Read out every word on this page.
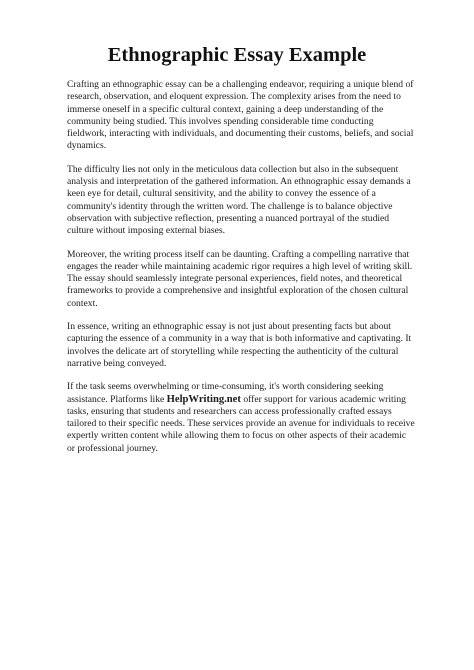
Ethnographic Essay Example

Crafting an ethnographic essay can be a challenging endeavor, requiring a unique blend of research, observation, and eloquent expression. The complexity arises from the need to immerse oneself in a specific cultural context, gaining a deep understanding of the community being studied. This involves spending considerable time conducting fieldwork, interacting with individuals, and documenting their customs, beliefs, and social dynamics.

The difficulty lies not only in the meticulous data collection but also in the subsequent analysis and interpretation of the gathered information. An ethnographic essay demands a keen eye for detail, cultural sensitivity, and the ability to convey the essence of a community's identity through the written word. The challenge is to balance objective observation with subjective reflection, presenting a nuanced portrayal of the studied culture without imposing external biases.

Moreover, the writing process itself can be daunting. Crafting a compelling narrative that engages the reader while maintaining academic rigor requires a high level of writing skill. The essay should seamlessly integrate personal experiences, field notes, and theoretical frameworks to provide a comprehensive and insightful exploration of the chosen cultural context.

In essence, writing an ethnographic essay is not just about presenting facts but about capturing the essence of a community in a way that is both informative and captivating. It involves the delicate art of storytelling while respecting the authenticity of the cultural narrative being conveyed.

If the task seems overwhelming or time-consuming, it's worth considering seeking assistance. Platforms like HelpWriting.net offer support for various academic writing tasks, ensuring that students and researchers can access professionally crafted essays tailored to their specific needs. These services provide an avenue for individuals to receive expertly written content while allowing them to focus on other aspects of their academic or professional journey.
